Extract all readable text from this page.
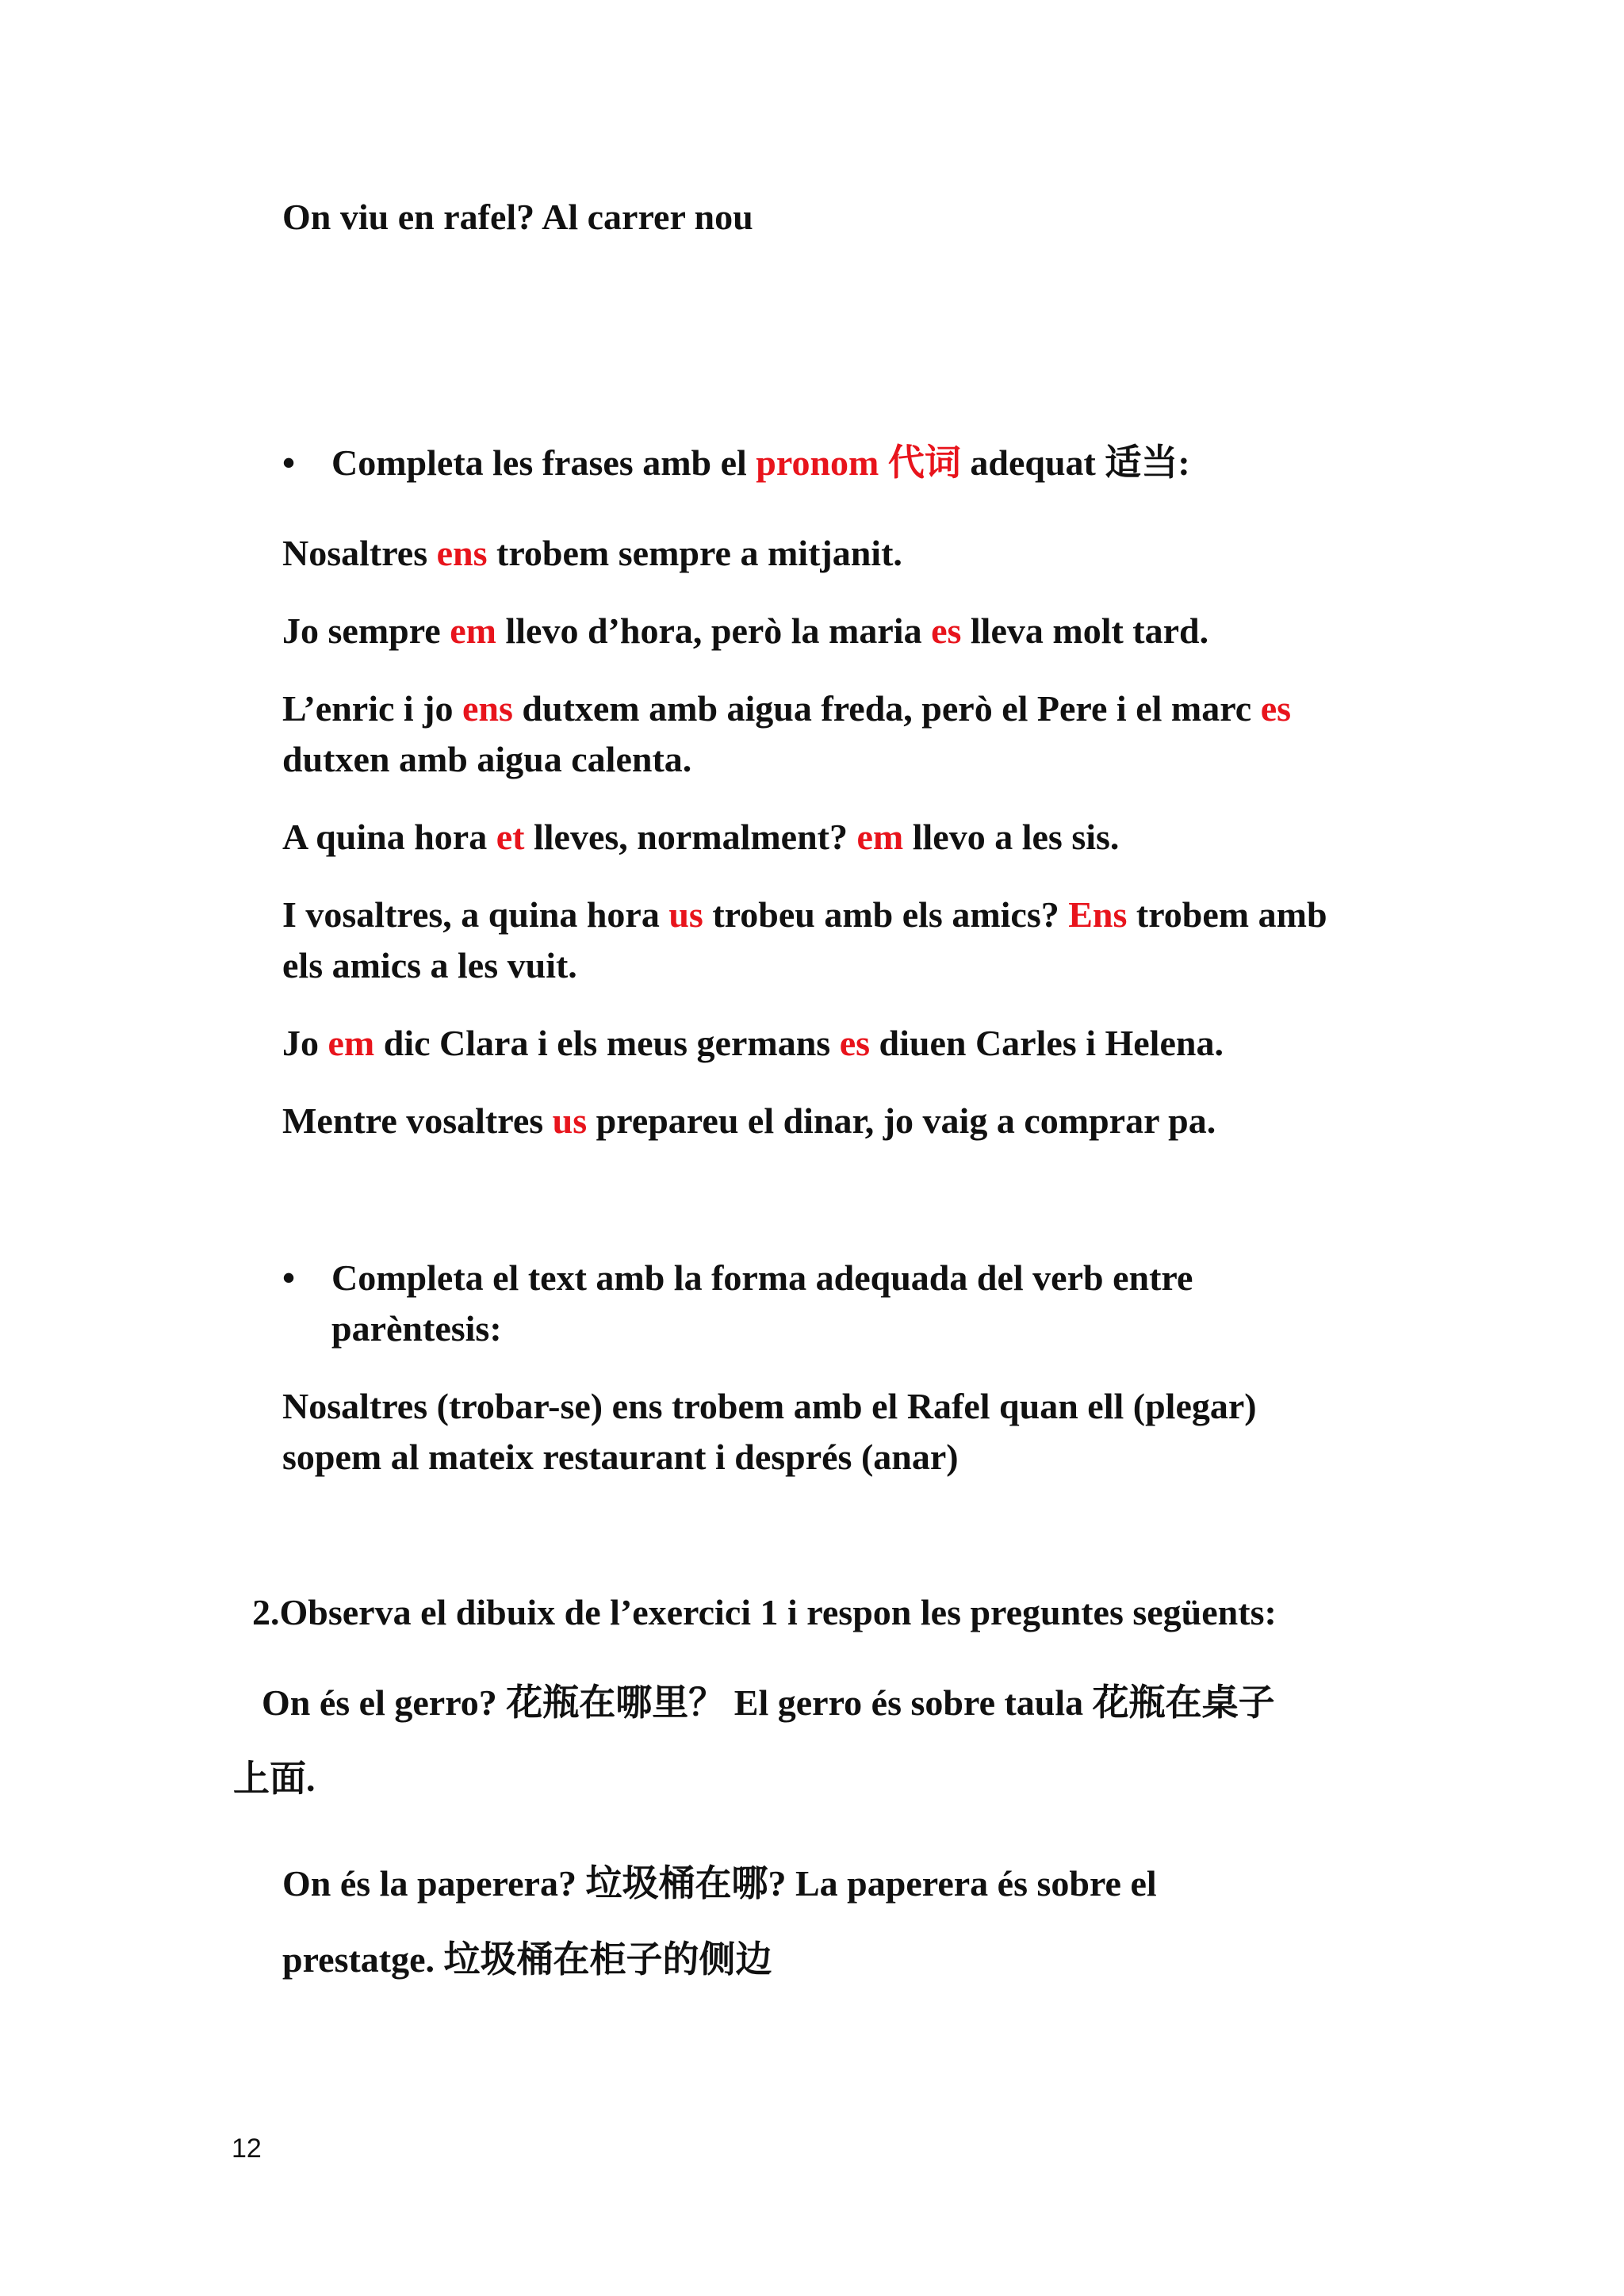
On viu en rafel? Al carrer nou

• Completa les frases amb el pronom 代词 adequat 适当:

Nosaltres ens trobem sempre a mitjanit.

Jo sempre em llevo d’hora, però la maria es lleva molt tard.

L’enric i jo ens dutxem amb aigua freda, però el Pere i el marc es

dutxen amb aigua calenta.

A quina hora et lleves, normalment? em llevo a les sis.

I vosaltres, a quina hora us trobeu amb els amics? Ens trobem amb

els amics a les vuit.

Jo em dic Clara i els meus germans es diuen Carles i Helena.

Mentre vosaltres us prepareu el dinar, jo vaig a comprar pa.

• Completa el text amb la forma adequada del verb entre

parèntesis:

Nosaltres (trobar-se) ens trobem amb el Rafel quan ell (plegar)

sopem al mateix restaurant i després (anar)

2.Observa el dibuix de l’exercici 1 i respon les preguntes següents:

On és el gerro? 花瓶在哪里？ El gerro és sobre taula 花瓶在桌子

上面.

On és la paperera? 垃圾桶在哪? La paperera és sobre el

prestatge. 垃圾桶在柜子的侧边

12
